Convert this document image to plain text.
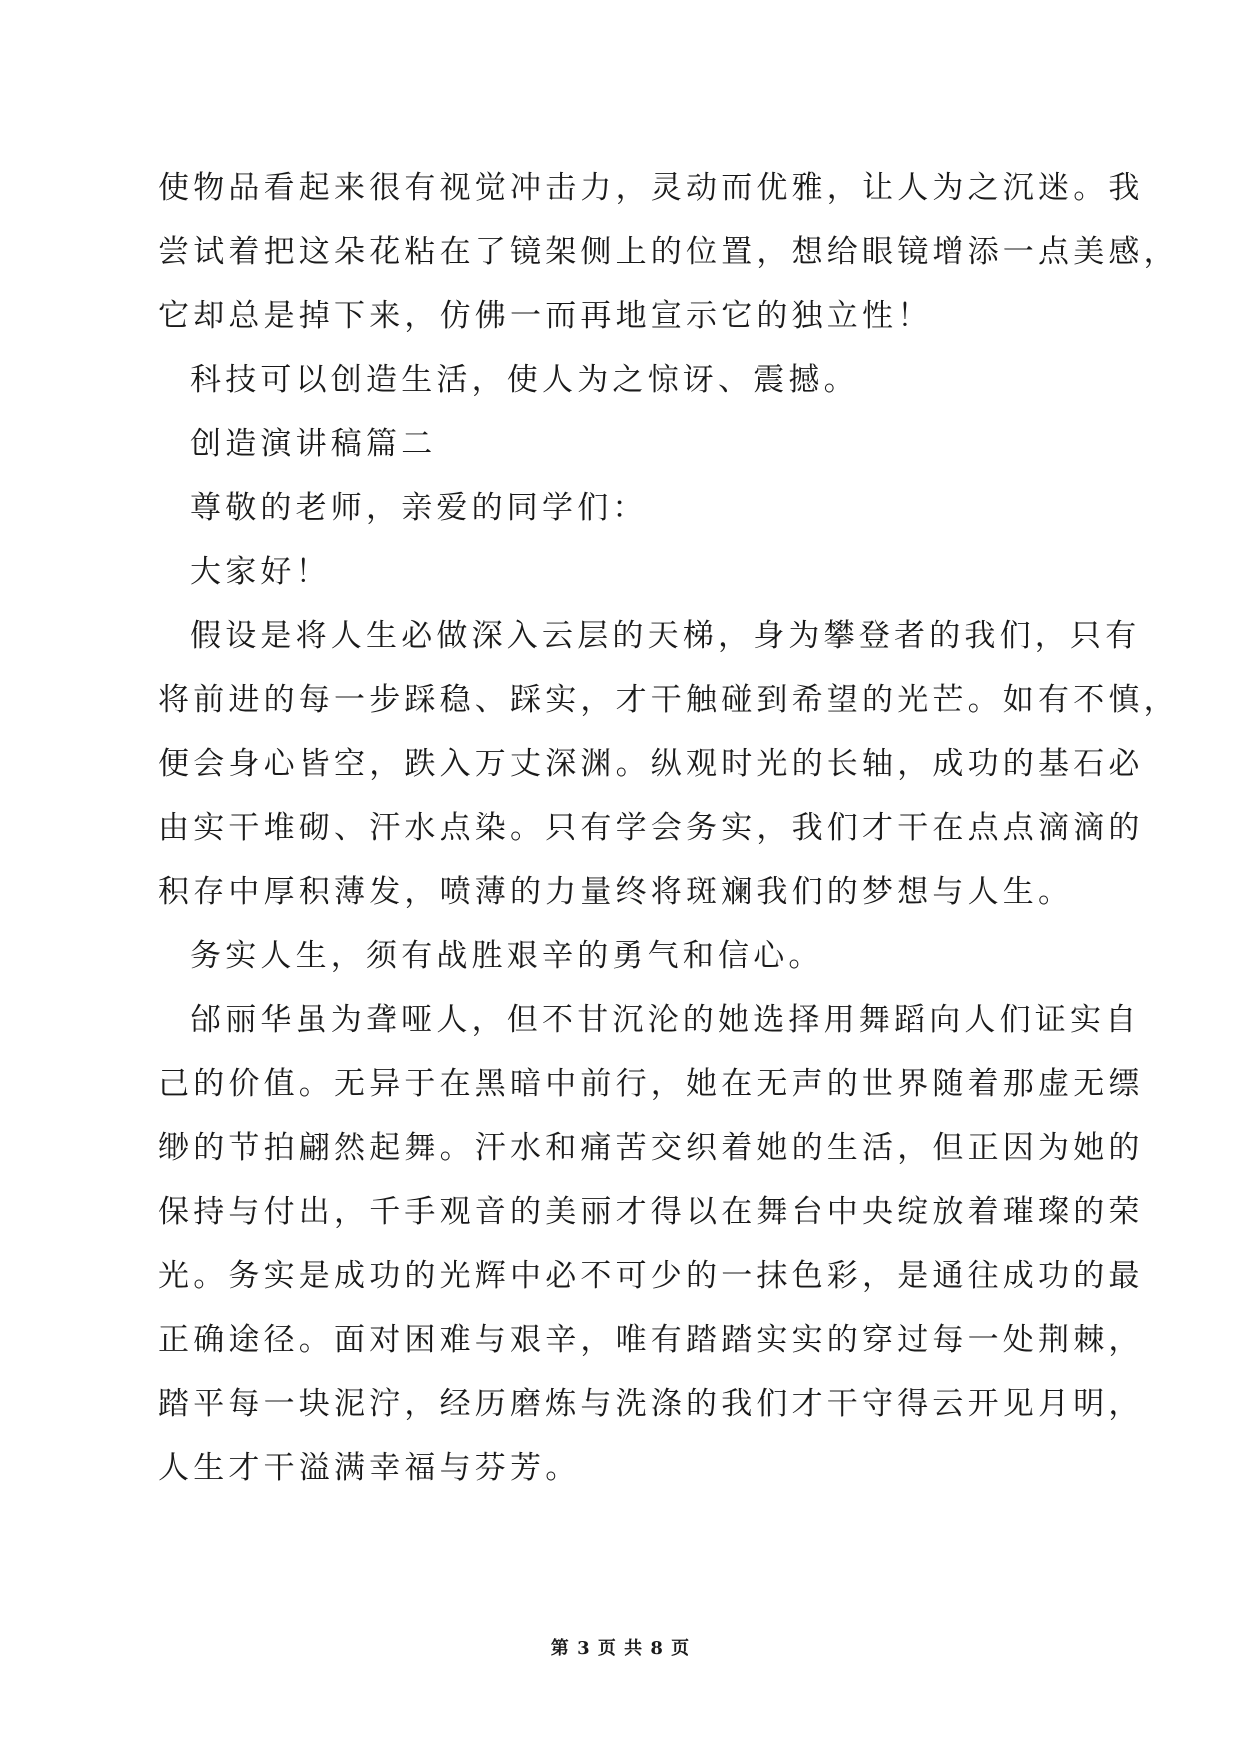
使物品看起来很有视觉冲击力，灵动而优雅，让人为之沉迷。我
尝试着把这朵花粘在了镜架侧上的位置，想给眼镜增添一点美感，
它却总是掉下来，仿佛一而再地宣示它的独立性！
科技可以创造生活，使人为之惊讶、震撼。
创造演讲稿篇二
尊敬的老师，亲爱的同学们：
大家好！
假设是将人生必做深入云层的天梯，身为攀登者的我们，只有
将前进的每一步踩稳、踩实，才干触碰到希望的光芒。如有不慎，
便会身心皆空，跌入万丈深渊。纵观时光的长轴，成功的基石必
由实干堆砌、汗水点染。只有学会务实，我们才干在点点滴滴的
积存中厚积薄发，喷薄的力量终将斑斓我们的梦想与人生。
务实人生，须有战胜艰辛的勇气和信心。
邰丽华虽为聋哑人，但不甘沉沦的她选择用舞蹈向人们证实自
己的价值。无异于在黑暗中前行，她在无声的世界随着那虚无缥
缈的节拍翩然起舞。汗水和痛苦交织着她的生活，但正因为她的
保持与付出，千手观音的美丽才得以在舞台中央绽放着璀璨的荣
光。务实是成功的光辉中必不可少的一抹色彩，是通往成功的最
正确途径。面对困难与艰辛，唯有踏踏实实的穿过每一处荆棘，
踏平每一块泥泞，经历磨炼与洗涤的我们才干守得云开见月明，
人生才干溢满幸福与芬芳。
第 3 页 共 8 页
